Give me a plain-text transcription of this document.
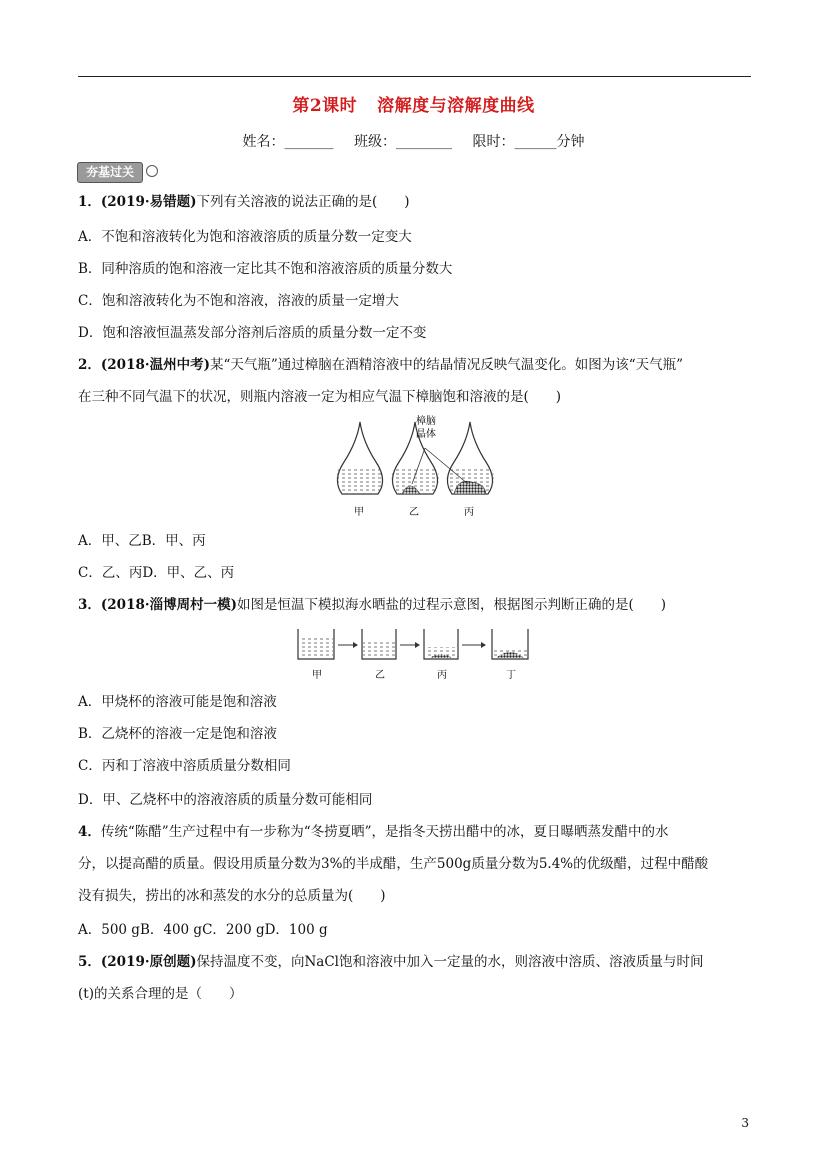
第2课时 溶解度与溶解度曲线
姓名：_______ 班级：________ 限时：______分钟
夯基过关
1．(2019·易错题)下列有关溶液的说法正确的是(　　)
A．不饱和溶液转化为饱和溶液溶质的质量分数一定变大
B．同种溶质的饱和溶液一定比其不饱和溶液溶质的质量分数大
C．饱和溶液转化为不饱和溶液，溶液的质量一定增大
D．饱和溶液恒温蒸发部分溶剂后溶质的质量分数一定不变
2．(2018·温州中考)某“天气瓶”通过樟脑在酒精溶液中的结晶情况反映气温变化。如图为该“天气瓶”
在三种不同气温下的状况，则瓶内溶液一定为相应气温下樟脑饱和溶液的是(　　)
樟脑
晶体
甲	乙	丙
A．甲、乙B．甲、丙
C．乙、丙D．甲、乙、丙
3．(2018·淄博周村一模)如图是恒温下模拟海水晒盐的过程示意图，根据图示判断正确的是(　　)
甲	乙	丙	丁
A．甲烧杯的溶液可能是饱和溶液
B．乙烧杯的溶液一定是饱和溶液
C．丙和丁溶液中溶质质量分数相同
D．甲、乙烧杯中的溶液溶质的质量分数可能相同
4．传统“陈醋”生产过程中有一步称为“冬捞夏晒”，是指冬天捞出醋中的冰，夏日曝晒蒸发醋中的水
分，以提高醋的质量。假设用质量分数为3%的半成醋，生产500g质量分数为5.4%的优级醋，过程中醋酸
没有损失，捞出的冰和蒸发的水分的总质量为(　　)
A．500 gB．400 gC．200 gD．100 g
5．(2019·原创题)保持温度不变，向NaCl饱和溶液中加入一定量的水，则溶液中溶质、溶液质量与时间
(t)的关系合理的是（　　）
3
